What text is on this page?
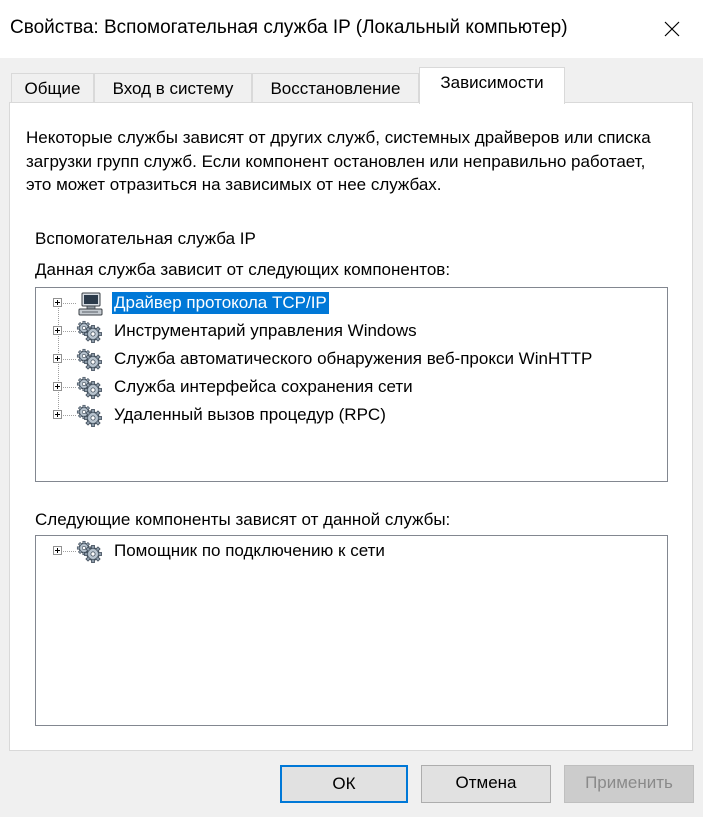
Свойства: Вспомогательная служба IP (Локальный компьютер)
Общие	Вход в систему	Восстановление	Зависимости
Некоторые службы зависят от других служб, системных драйверов или списка загрузки групп служб. Если компонент остановлен или неправильно работает, это может отразиться на зависимых от нее службах.
Вспомогательная служба IP
Данная служба зависит от следующих компонентов:
Драйвер протокола TCP/IP
Инструментарий управления Windows
Служба автоматического обнаружения веб-прокси WinHTTP
Служба интерфейса сохранения сети
Удаленный вызов процедур (RPC)
Следующие компоненты зависят от данной службы:
Помощник по подключению к сети
ОК	Отмена	Применить
